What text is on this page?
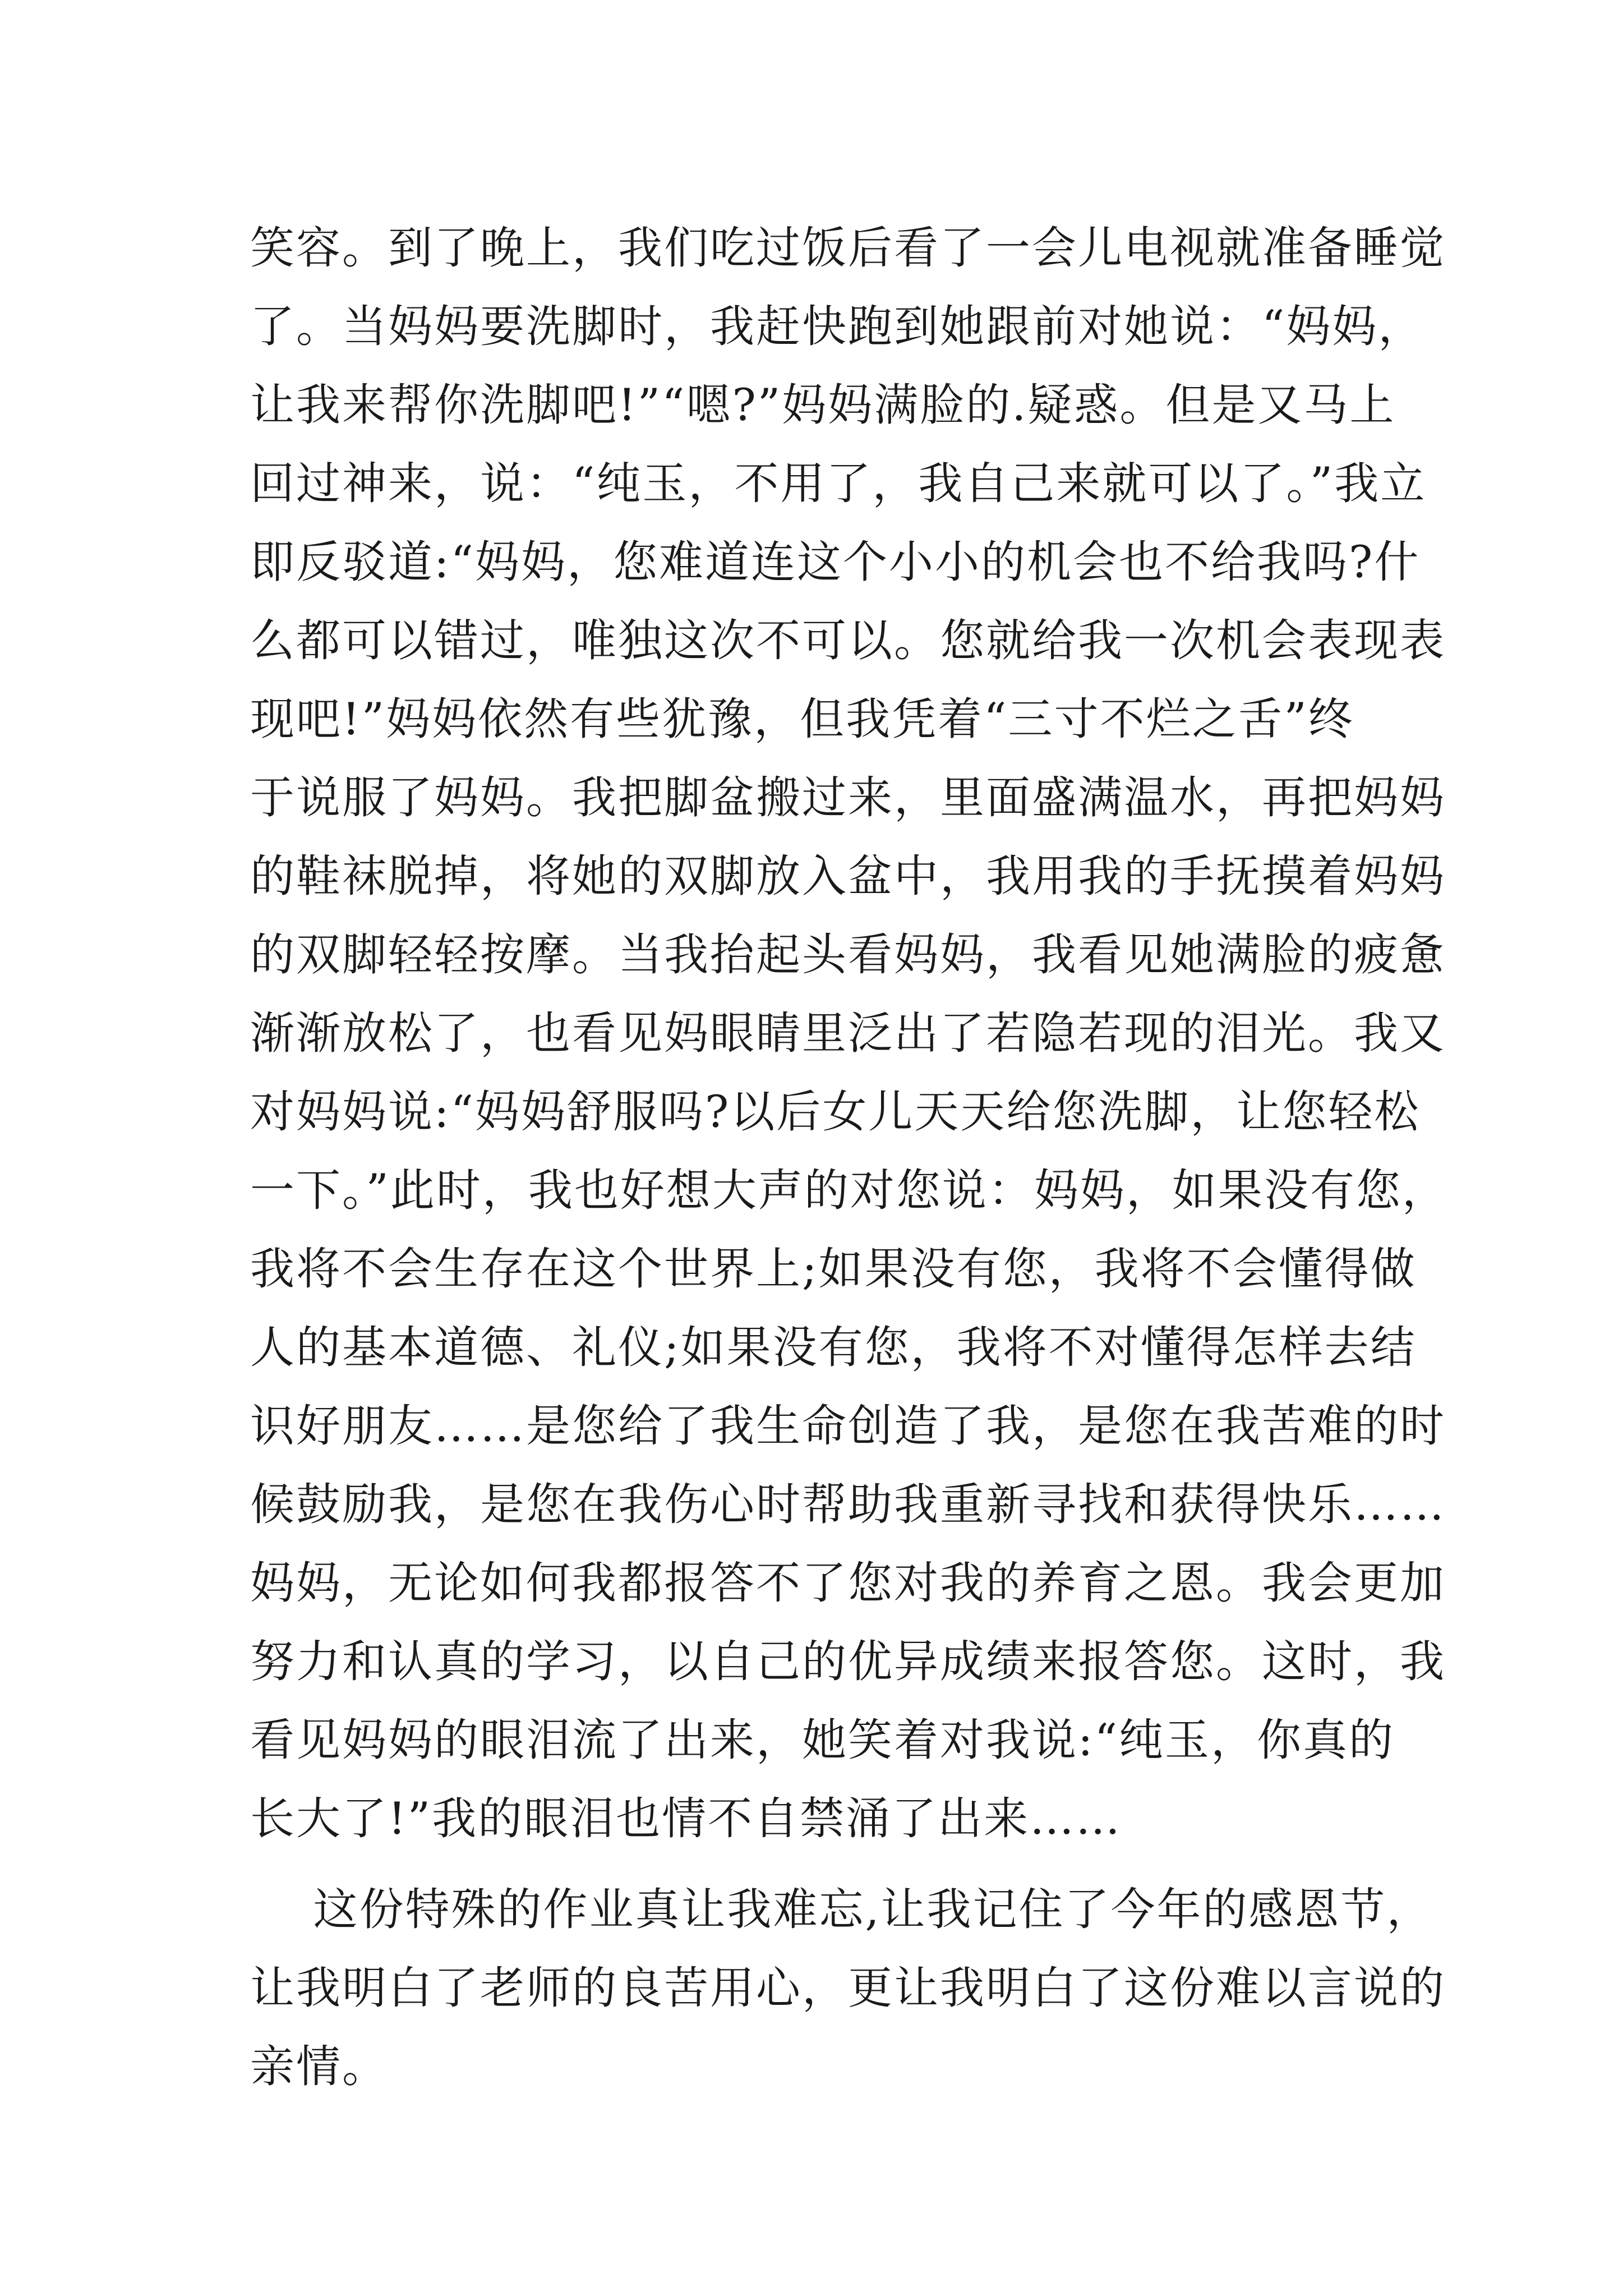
笑容。到了晚上，我们吃过饭后看了一会儿电视就准备睡觉
了。当妈妈要洗脚时，我赶快跑到她跟前对她说：“妈妈，
让我来帮你洗脚吧!”“嗯?”妈妈满脸的.疑惑。但是又马上
回过神来，说：“纯玉，不用了，我自己来就可以了。”我立
即反驳道:“妈妈，您难道连这个小小的机会也不给我吗?什
么都可以错过，唯独这次不可以。您就给我一次机会表现表
现吧!”妈妈依然有些犹豫，但我凭着“三寸不烂之舌”终
于说服了妈妈。我把脚盆搬过来，里面盛满温水，再把妈妈
的鞋袜脱掉，将她的双脚放入盆中，我用我的手抚摸着妈妈
的双脚轻轻按摩。当我抬起头看妈妈，我看见她满脸的疲惫
渐渐放松了，也看见妈眼睛里泛出了若隐若现的泪光。我又
对妈妈说:“妈妈舒服吗?以后女儿天天给您洗脚，让您轻松
一下。”此时，我也好想大声的对您说：妈妈，如果没有您，
我将不会生存在这个世界上;如果没有您，我将不会懂得做
人的基本道德、礼仪;如果没有您，我将不对懂得怎样去结
识好朋友……是您给了我生命创造了我，是您在我苦难的时
候鼓励我，是您在我伤心时帮助我重新寻找和获得快乐……
妈妈，无论如何我都报答不了您对我的养育之恩。我会更加
努力和认真的学习，以自己的优异成绩来报答您。这时，我
看见妈妈的眼泪流了出来，她笑着对我说:“纯玉，你真的
长大了!”我的眼泪也情不自禁涌了出来……
这份特殊的作业真让我难忘,让我记住了今年的感恩节，
让我明白了老师的良苦用心，更让我明白了这份难以言说的
亲情。
